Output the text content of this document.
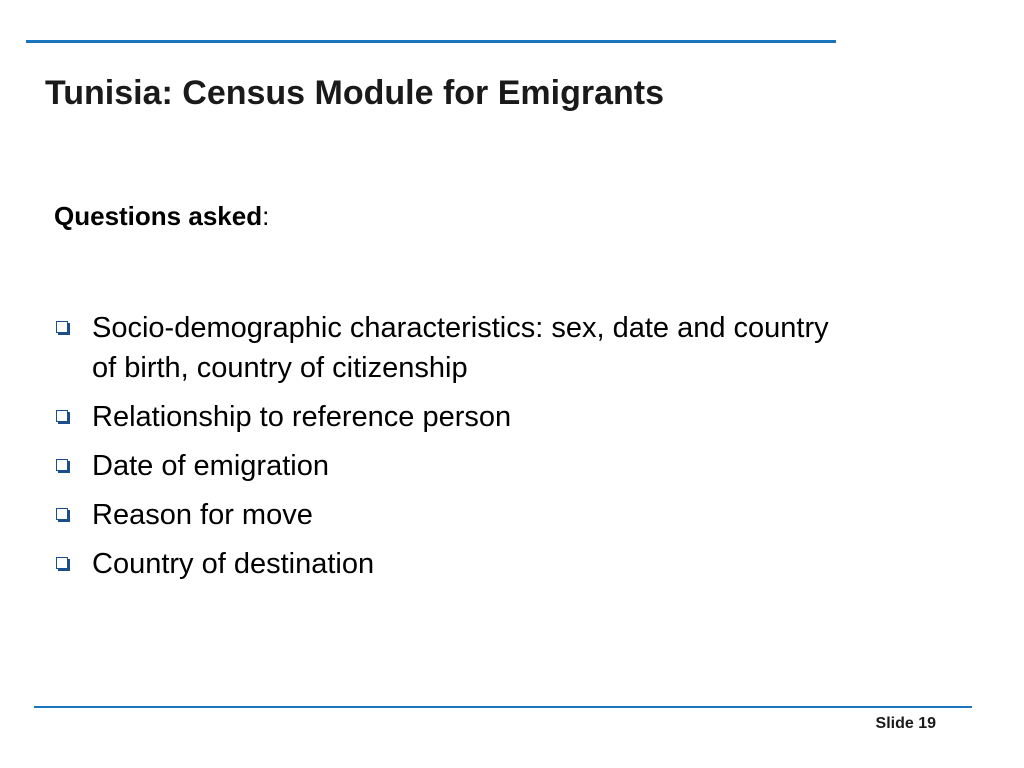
Tunisia: Census Module for Emigrants

Questions asked:

Socio-demographic characteristics: sex, date and country of birth, country of citizenship
Relationship to reference person
Date of emigration
Reason for move
Country of destination
Slide 19
